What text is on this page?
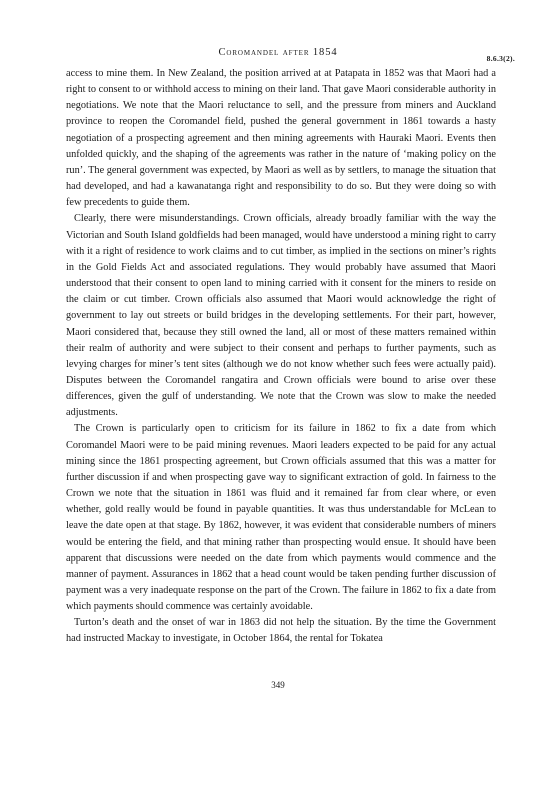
Coromandel after 1854
8.6.3(2).

access to mine them. In New Zealand, the position arrived at at Patapata in 1852 was that Maori had a right to consent to or withhold access to mining on their land. That gave Maori considerable authority in negotiations. We note that the Maori reluctance to sell, and the pressure from miners and Auckland province to reopen the Coromandel field, pushed the general government in 1861 towards a hasty negotiation of a prospecting agreement and then mining agreements with Hauraki Maori. Events then unfolded quickly, and the shaping of the agreements was rather in the nature of ‘making policy on the run’. The general government was expected, by Maori as well as by settlers, to manage the situation that had developed, and had a kawanatanga right and responsibility to do so. But they were doing so with few precedents to guide them.

Clearly, there were misunderstandings. Crown officials, already broadly familiar with the way the Victorian and South Island goldfields had been managed, would have understood a mining right to carry with it a right of residence to work claims and to cut timber, as implied in the sections on miner’s rights in the Gold Fields Act and associated regulations. They would probably have assumed that Maori understood that their consent to open land to mining carried with it consent for the miners to reside on the claim or cut timber. Crown officials also assumed that Maori would acknowledge the right of government to lay out streets or build bridges in the developing settlements. For their part, however, Maori considered that, because they still owned the land, all or most of these matters remained within their realm of authority and were subject to their consent and perhaps to further payments, such as levying charges for miner’s tent sites (although we do not know whether such fees were actually paid). Disputes between the Coromandel rangatira and Crown officials were bound to arise over these differences, given the gulf of understanding. We note that the Crown was slow to make the needed adjustments.

The Crown is particularly open to criticism for its failure in 1862 to fix a date from which Coromandel Maori were to be paid mining revenues. Maori leaders expected to be paid for any actual mining since the 1861 prospecting agreement, but Crown officials assumed that this was a matter for further discussion if and when prospecting gave way to significant extraction of gold. In fairness to the Crown we note that the situation in 1861 was fluid and it remained far from clear where, or even whether, gold really would be found in payable quantities. It was thus understandable for McLean to leave the date open at that stage. By 1862, however, it was evident that considerable numbers of miners would be entering the field, and that mining rather than prospecting would ensue. It should have been apparent that discussions were needed on the date from which payments would commence and the manner of payment. Assurances in 1862 that a head count would be taken pending further discussion of payment was a very inadequate response on the part of the Crown. The failure in 1862 to fix a date from which payments should commence was certainly avoidable.

Turton’s death and the onset of war in 1863 did not help the situation. By the time the Government had instructed Mackay to investigate, in October 1864, the rental for Tokatea

349
